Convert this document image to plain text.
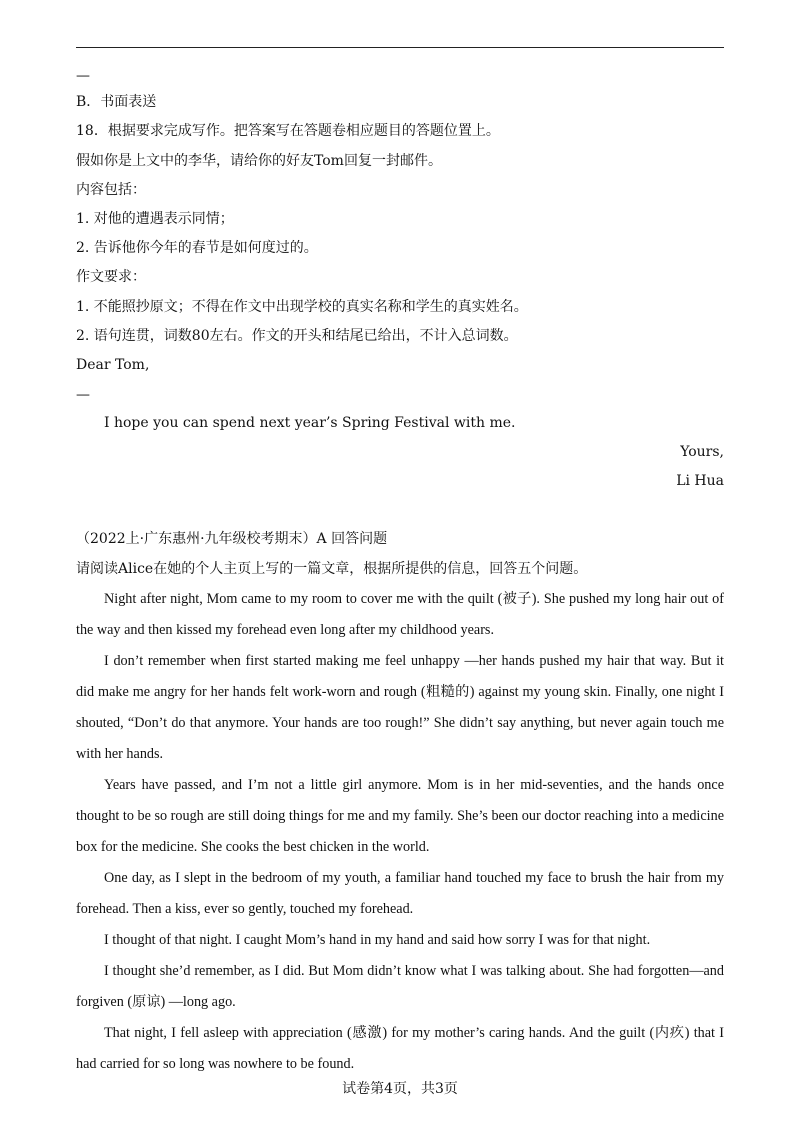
—
B．书面表送
18．根据要求完成写作。把答案写在答题卷相应题目的答题位置上。
假如你是上文中的李华，请给你的好友Tom回复一封邮件。
内容包括：
1. 对他的遭遇表示同情；
2. 告诉他你今年的春节是如何度过的。
作文要求：
1. 不能照抄原文；不得在作文中出现学校的真实名称和学生的真实姓名。
2. 语句连贯，词数80左右。作文的开头和结尾已给出，不计入总词数。
Dear Tom,
—
I hope you can spend next year’s Spring Festival with me.
Yours,
Li Hua
（2022上·广东惠州·九年级校考期末）A 回答问题
请阅读Alice在她的个人主页上写的一篇文章，根据所提供的信息，回答五个问题。

Night after night, Mom came to my room to cover me with the quilt (被子). She pushed my long hair out of the way and then kissed my forehead even long after my childhood years.

I don’t remember when first started making me feel unhappy —her hands pushed my hair that way. But it did make me angry for her hands felt work-worn and rough (粗糙的) against my young skin. Finally, one night I shouted, “Don’t do that anymore. Your hands are too rough!” She didn’t say anything, but never again touch me with her hands.

Years have passed, and I’m not a little girl anymore. Mom is in her mid-seventies, and the hands once thought to be so rough are still doing things for me and my family. She’s been our doctor reaching into a medicine box for the medicine. She cooks the best chicken in the world.

One day, as I slept in the bedroom of my youth, a familiar hand touched my face to brush the hair from my forehead. Then a kiss, ever so gently, touched my forehead.

I thought of that night. I caught Mom’s hand in my hand and said how sorry I was for that night.

I thought she’d remember, as I did. But Mom didn’t know what I was talking about. She had forgotten—and forgiven (原谅) —long ago.

That night, I fell asleep with appreciation (感激) for my mother’s caring hands. And the guilt (内疚) that I had carried for so long was nowhere to be found.

试卷第4页，共3页
